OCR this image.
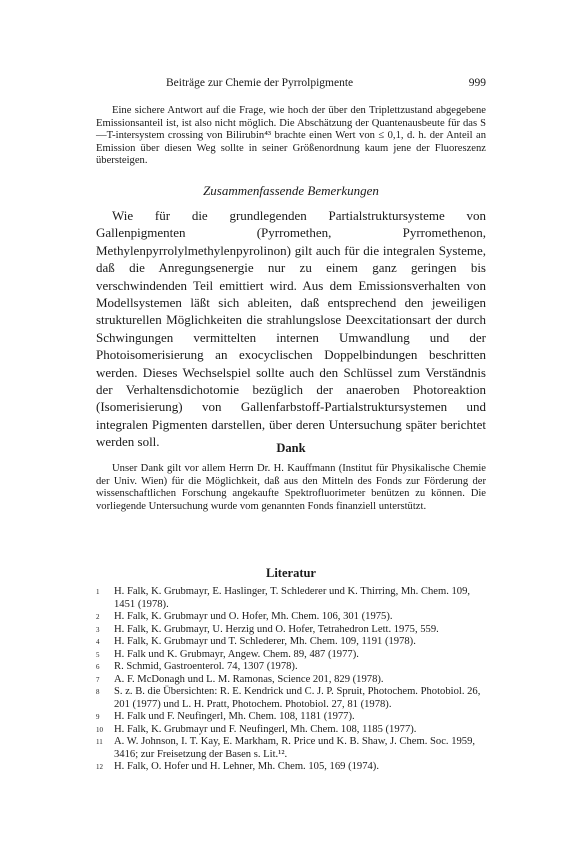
Beiträge zur Chemie der Pyrrolpigmente	999

Eine sichere Antwort auf die Frage, wie hoch der über den Triplettzustand abgegebene Emissionsanteil ist, ist also nicht möglich. Die Abschätzung der Quantenausbeute für das S—T-intersystem crossing von Bilirubin⁴³ brachte einen Wert von ≤ 0,1, d. h. der Anteil an Emission über diesen Weg sollte in seiner Größenordnung kaum jene der Fluoreszenz übersteigen.

Zusammenfassende Bemerkungen

Wie für die grundlegenden Partialstruktursysteme von Gallenpigmenten (Pyrromethen, Pyrromethenon, Methylenpyrrolylmethylenpyrolinon) gilt auch für die integralen Systeme, daß die Anregungsenergie nur zu einem ganz geringen bis verschwindenden Teil emittiert wird. Aus dem Emissionsverhalten von Modellsystemen läßt sich ableiten, daß entsprechend den jeweiligen strukturellen Möglichkeiten die strahlungslose Deexcitationsart der durch Schwingungen vermittelten internen Umwandlung und der Photoisomerisierung an exocyclischen Doppelbindungen beschritten werden. Dieses Wechselspiel sollte auch den Schlüssel zum Verständnis der Verhaltensdichotomie bezüglich der anaeroben Photoreaktion (Isomerisierung) von Gallenfarbstoff-Partialstruktursystemen und integralen Pigmenten darstellen, über deren Untersuchung später berichtet werden soll.	Dank

Unser Dank gilt vor allem Herrn Dr. H. Kauffmann (Institut für Physikalische Chemie der Univ. Wien) für die Möglichkeit, daß aus den Mitteln des Fonds zur Förderung der wissenschaftlichen Forschung angekaufte Spektrofluorimeter benützen zu können. Die vorliegende Untersuchung wurde vom genannten Fonds finanziell unterstützt.

Literatur
$^1$ H. Falk, K. Grubmayr, E. Haslinger, T. Schlederer und K. Thirring, Mh. Chem. 109, 1451 (1978).
$^2$ H. Falk, K. Grubmayr und O. Hofer, Mh. Chem. 106, 301 (1975).
$^3$ H. Falk, K. Grubmayr, U. Herzig und O. Hofer, Tetrahedron Lett. 1975, 559.
$^4$ H. Falk, K. Grubmayr und T. Schlederer, Mh. Chem. 109, 1191 (1978).
$^5$ H. Falk und K. Grubmayr, Angew. Chem. 89, 487 (1977).
$^6$ R. Schmid, Gastroenterol. 74, 1307 (1978).
$^7$ A. F. McDonagh und L. M. Ramonas, Science 201, 829 (1978).
$^8$ S. z. B. die Übersichten: R. E. Kendrick und C. J. P. Spruit, Photochem. Photobiol. 26, 201 (1977) und L. H. Pratt, Photochem. Photobiol. 27, 81 (1978).
$^9$ H. Falk und F. Neufingerl, Mh. Chem. 108, 1181 (1977).
$^{10}$ H. Falk, K. Grubmayr und F. Neufingerl, Mh. Chem. 108, 1185 (1977).
$^{11}$ A. W. Johnson, I. T. Kay, E. Markham, R. Price und K. B. Shaw, J. Chem. Soc. 1959, 3416; zur Freisetzung der Basen s. Lit.¹².
$^{12}$ H. Falk, O. Hofer und H. Lehner, Mh. Chem. 105, 169 (1974).
